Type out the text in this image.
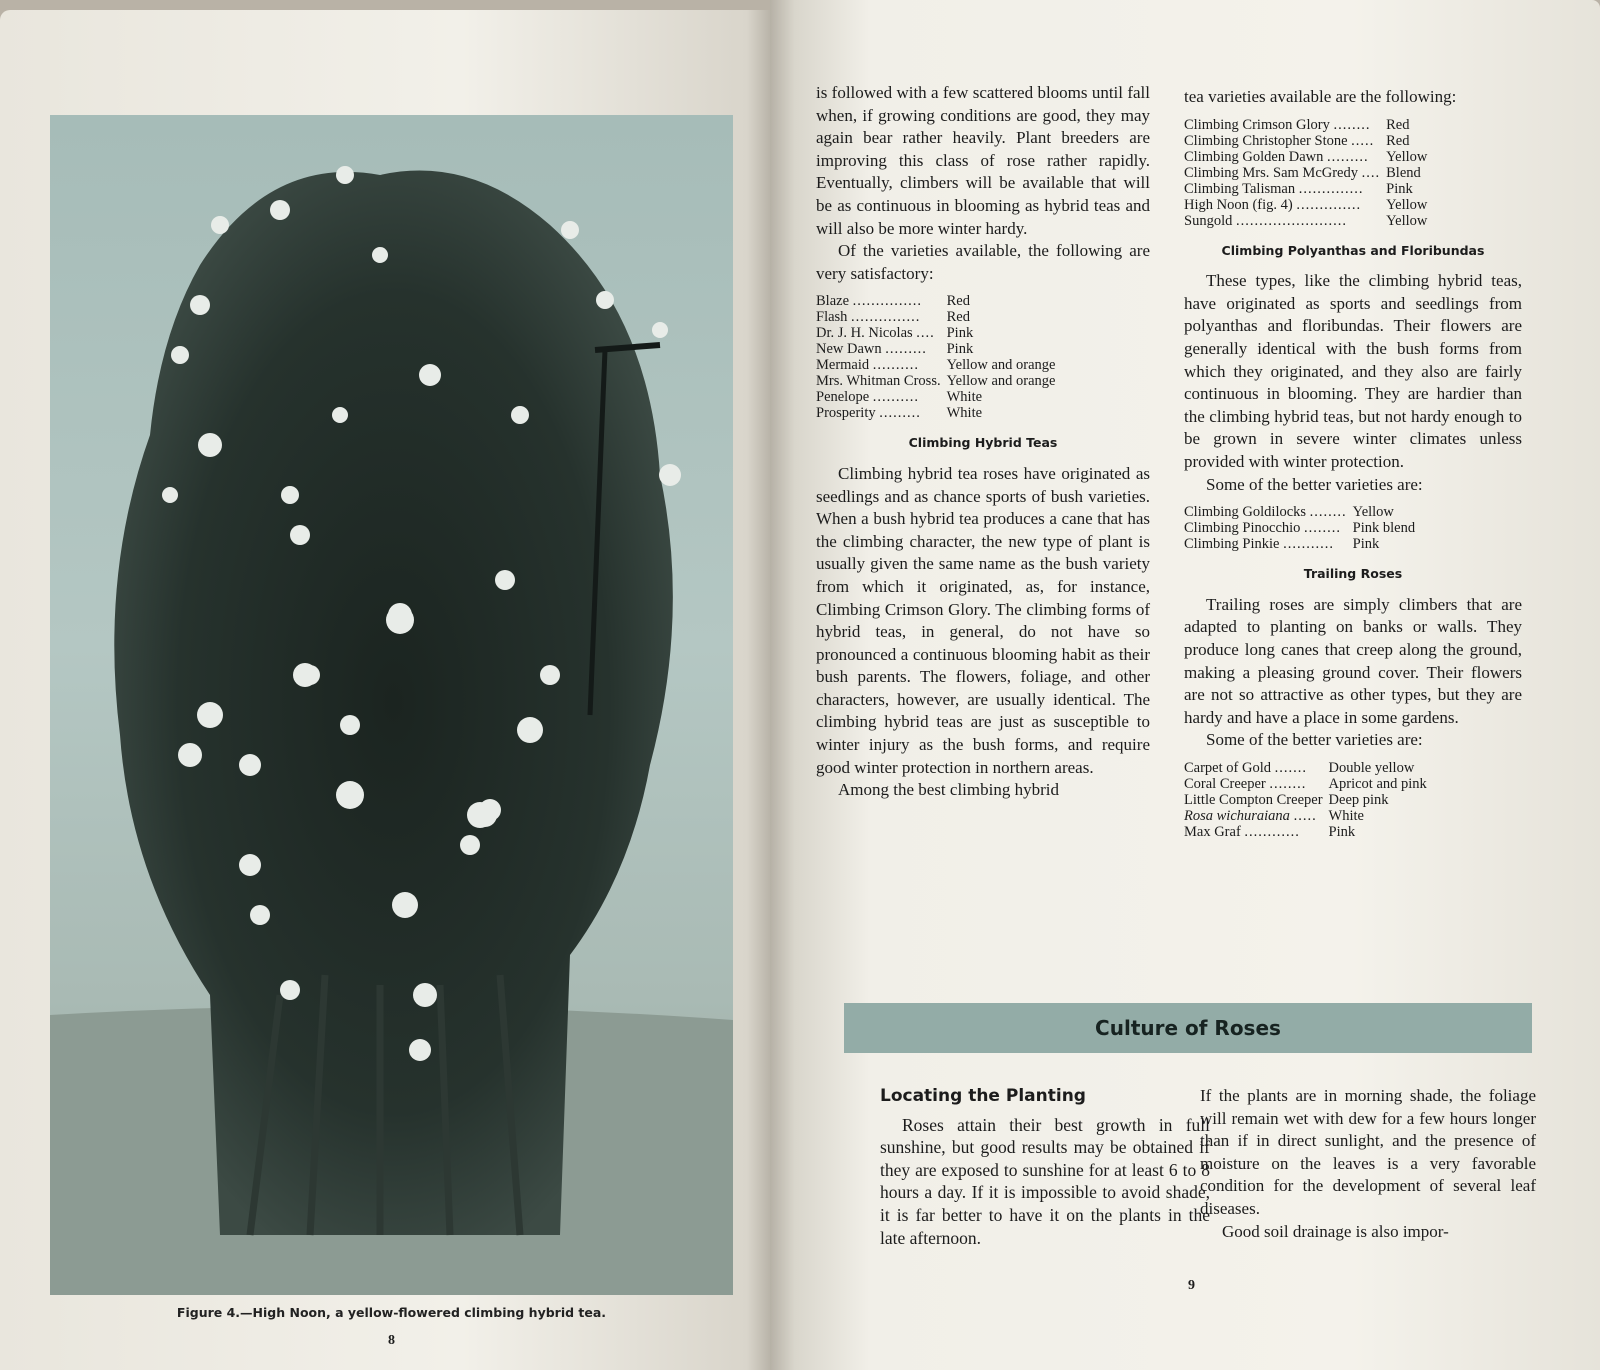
Figure 4.—High Noon, a yellow-flowered climbing hybrid tea.
8

is followed with a few scattered blooms until fall when, if growing conditions are good, they may again bear rather heavily. Plant breeders are improving this class of rose rather rapidly. Eventually, climbers will be available that will be as continuous in blooming as hybrid teas and will also be more winter hardy.

Of the varieties available, the following are very satisfactory:

Blaze ...............	Red
Flash ...............	Red
Dr. J. H. Nicolas ....	Pink
New Dawn .........	Pink
Mermaid ..........	Yellow and orange
Mrs. Whitman Cross.	Yellow and orange
Penelope ..........	White
Prosperity .........	White
Climbing Hybrid Teas

Climbing hybrid tea roses have originated as seedlings and as chance sports of bush varieties. When a bush hybrid tea produces a cane that has the climbing character, the new type of plant is usually given the same name as the bush variety from which it originated, as, for instance, Climbing Crimson Glory. The climbing forms of hybrid teas, in general, do not have so pronounced a continuous blooming habit as their bush parents. The flowers, foliage, and other characters, however, are usually identical. The climbing hybrid teas are just as susceptible to winter injury as the bush forms, and require good winter protection in northern areas.

Among the best climbing hybrid

tea varieties available are the following:

Climbing Crimson Glory ........	Red
Climbing Christopher Stone .....	Red
Climbing Golden Dawn .........	Yellow
Climbing Mrs. Sam McGredy ....	Blend
Climbing Talisman ..............	Pink
High Noon (fig. 4) ..............	Yellow
Sungold ........................	Yellow
Climbing Polyanthas and Floribundas

These types, like the climbing hybrid teas, have originated as sports and seedlings from polyanthas and floribundas. Their flowers are generally identical with the bush forms from which they originated, and they also are fairly continuous in blooming. They are hardier than the climbing hybrid teas, but not hardy enough to be grown in severe winter climates unless provided with winter protection.

Some of the better varieties are:

Climbing Goldilocks ........	Yellow
Climbing Pinocchio ........	Pink blend
Climbing Pinkie ...........	Pink
Trailing Roses

Trailing roses are simply climbers that are adapted to planting on banks or walls. They produce long canes that creep along the ground, making a pleasing ground cover. Their flowers are not so attractive as other types, but they are hardy and have a place in some gardens.

Some of the better varieties are:

Carpet of Gold .......	Double yellow
Coral Creeper ........	Apricot and pink
Little Compton Creeper	Deep pink
Rosa wichuraiana .....	White
Max Graf ............	Pink
Culture of Roses
Locating the Planting

Roses attain their best growth in full sunshine, but good results may be obtained if they are exposed to sunshine for at least 6 to 8 hours a day. If it is impossible to avoid shade, it is far better to have it on the plants in the late afternoon.

If the plants are in morning shade, the foliage will remain wet with dew for a few hours longer than if in direct sunlight, and the presence of moisture on the leaves is a very favorable condition for the development of several leaf diseases.

Good soil drainage is also impor-

9
